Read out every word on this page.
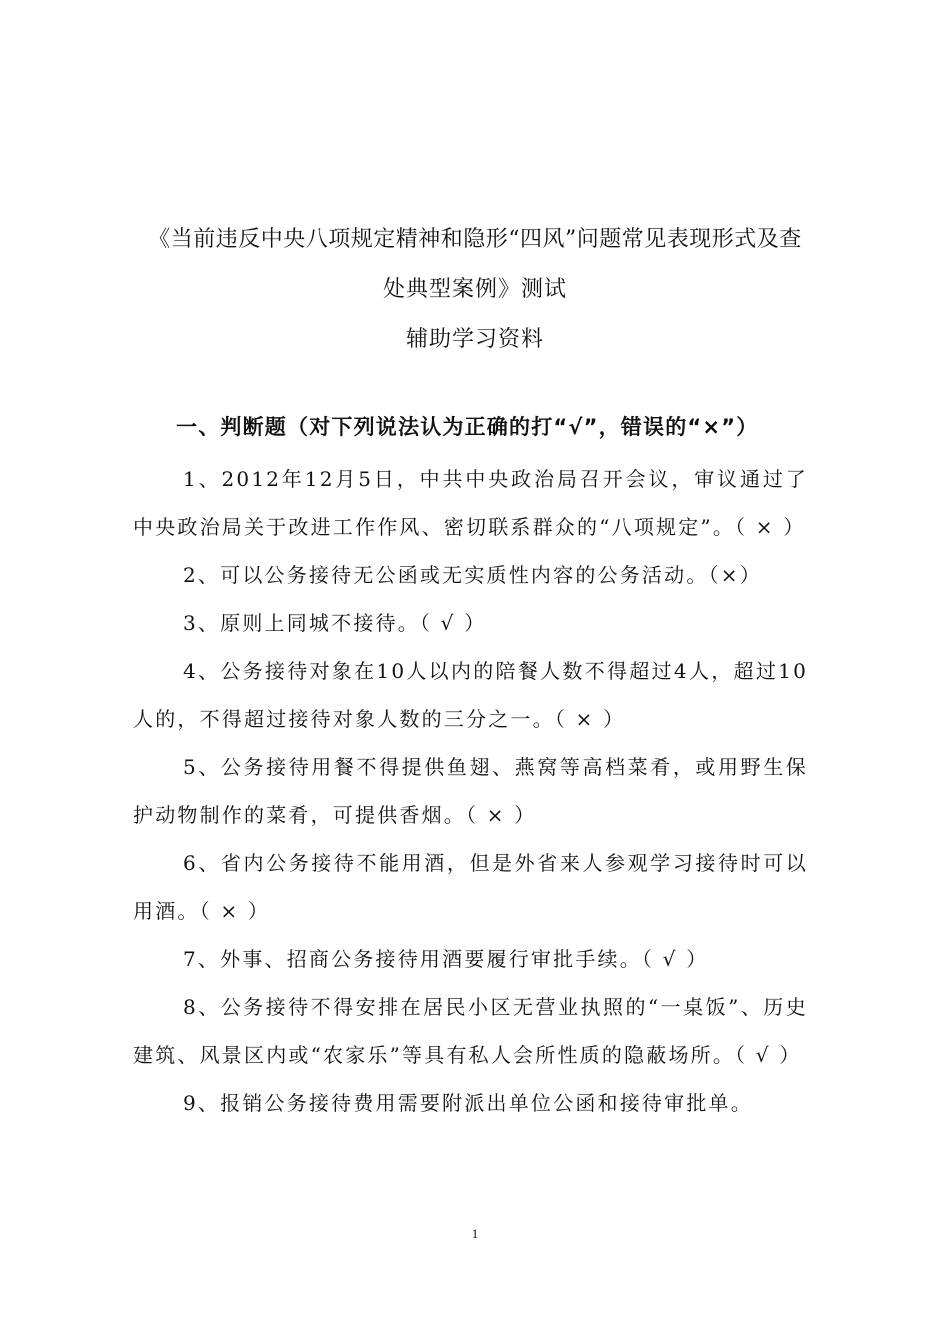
《当前违反中央八项规定精神和隐形“四风”问题常见表现形式及查
处典型案例》测试
辅助学习资料
一、判断题（对下列说法认为正确的打“√”，错误的“×”）

1、2012年12月5日，中共中央政治局召开会议，审议通过了中央政治局关于改进工作作风、密切联系群众的“八项规定”。（ × ）

2、可以公务接待无公函或无实质性内容的公务活动。（×）

3、原则上同城不接待。（ √ ）

4、公务接待对象在10人以内的陪餐人数不得超过4人，超过10人的，不得超过接待对象人数的三分之一。（ × ）

5、公务接待用餐不得提供鱼翅、燕窝等高档菜肴，或用野生保护动物制作的菜肴，可提供香烟。（ × ）

6、省内公务接待不能用酒，但是外省来人参观学习接待时可以用酒。（ × ）

7、外事、招商公务接待用酒要履行审批手续。（ √ ）

8、公务接待不得安排在居民小区无营业执照的“一桌饭”、历史建筑、风景区内或“农家乐”等具有私人会所性质的隐蔽场所。（ √ ）

9、报销公务接待费用需要附派出单位公函和接待审批单。

1
